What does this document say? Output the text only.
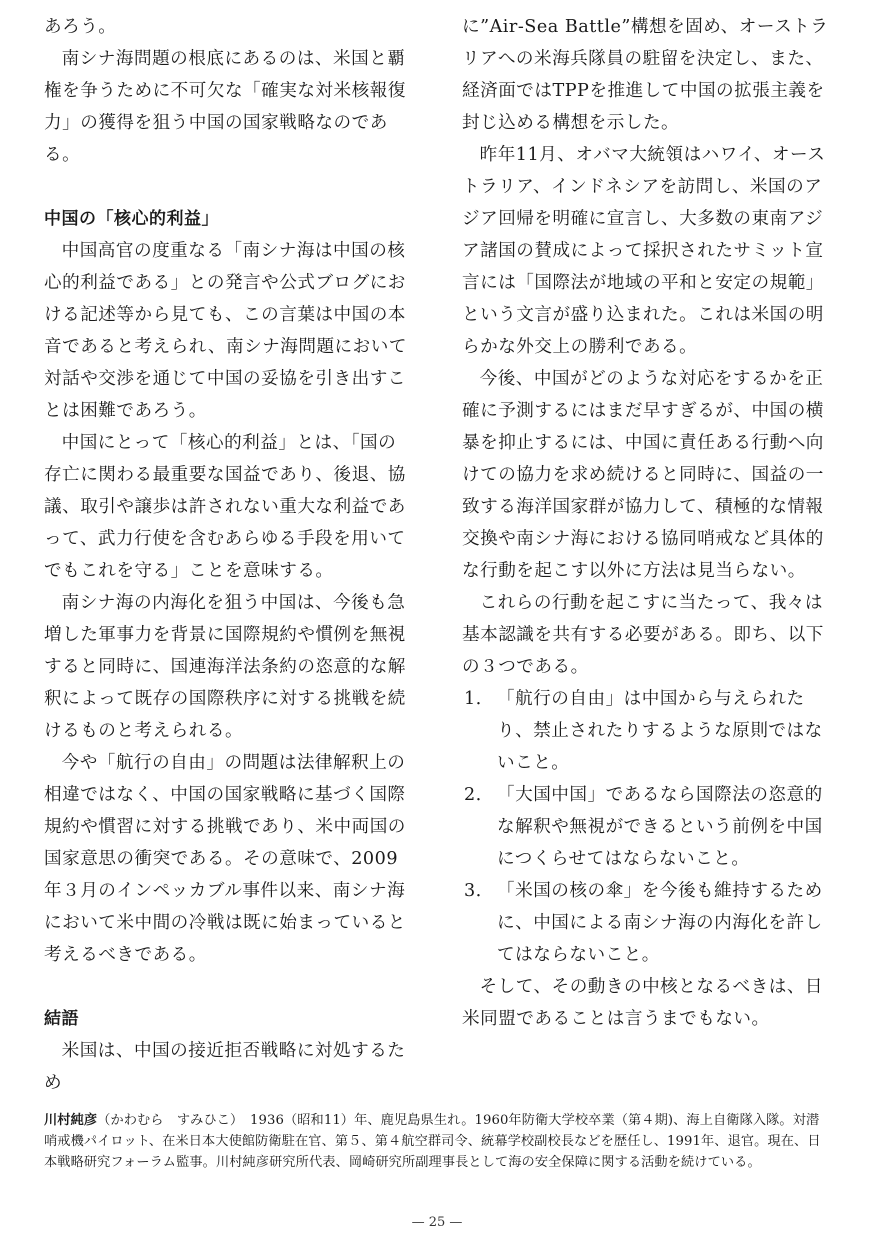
あろう。

南シナ海問題の根底にあるのは、米国と覇権を争うために不可欠な「確実な対米核報復力」の獲得を狙う中国の国家戦略なのである。

中国の「核心的利益」

中国高官の度重なる「南シナ海は中国の核心的利益である」との発言や公式ブログにおける記述等から見ても、この言葉は中国の本音であると考えられ、南シナ海問題において対話や交渉を通じて中国の妥協を引き出すことは困難であろう。

中国にとって「核心的利益」とは、「国の存亡に関わる最重要な国益であり、後退、協議、取引や譲歩は許されない重大な利益であって、武力行使を含むあらゆる手段を用いてでもこれを守る」ことを意味する。

南シナ海の内海化を狙う中国は、今後も急増した軍事力を背景に国際規約や慣例を無視すると同時に、国連海洋法条約の恣意的な解釈によって既存の国際秩序に対する挑戦を続けるものと考えられる。

今や「航行の自由」の問題は法律解釈上の相違ではなく、中国の国家戦略に基づく国際規約や慣習に対する挑戦であり、米中両国の国家意思の衝突である。その意味で、2009年３月のインペッカブル事件以来、南シナ海において米中間の冷戦は既に始まっていると考えるべきである。

結語

米国は、中国の接近拒否戦略に対処するため

に”Air-Sea Battle”構想を固め、オーストラリアへの米海兵隊員の駐留を決定し、また、経済面ではTPPを推進して中国の拡張主義を封じ込める構想を示した。

昨年11月、オバマ大統領はハワイ、オーストラリア、インドネシアを訪問し、米国のアジア回帰を明確に宣言し、大多数の東南アジア諸国の賛成によって採択されたサミット宣言には「国際法が地域の平和と安定の規範」という文言が盛り込まれた。これは米国の明らかな外交上の勝利である。

今後、中国がどのような対応をするかを正確に予測するにはまだ早すぎるが、中国の横暴を抑止するには、中国に責任ある行動へ向けての協力を求め続けると同時に、国益の一致する海洋国家群が協力して、積極的な情報交換や南シナ海における協同哨戒など具体的な行動を起こす以外に方法は見当らない。

これらの行動を起こすに当たって、我々は基本認識を共有する必要がある。即ち、以下の３つである。

1． 「航行の自由」は中国から与えられたり、禁止されたりするような原則ではないこと。
2． 「大国中国」であるなら国際法の恣意的な解釈や無視ができるという前例を中国につくらせてはならないこと。
3． 「米国の核の傘」を今後も維持するために、中国による南シナ海の内海化を許してはならないこと。

そして、その動きの中核となるべきは、日米同盟であることは言うまでもない。

川村純彦（かわむら　すみひこ）　1936（昭和11）年、鹿児島県生れ。1960年防衛大学校卒業（第４期)、海上自衛隊入隊。対潜哨戒機パイロット、在米日本大使館防衛駐在官、第５、第４航空群司令、統幕学校副校長などを歴任し、1991年、退官。現在、日本戦略研究フォーラム監事。川村純彦研究所代表、岡崎研究所副理事長として海の安全保障に関する活動を続けている。
— 25 —
